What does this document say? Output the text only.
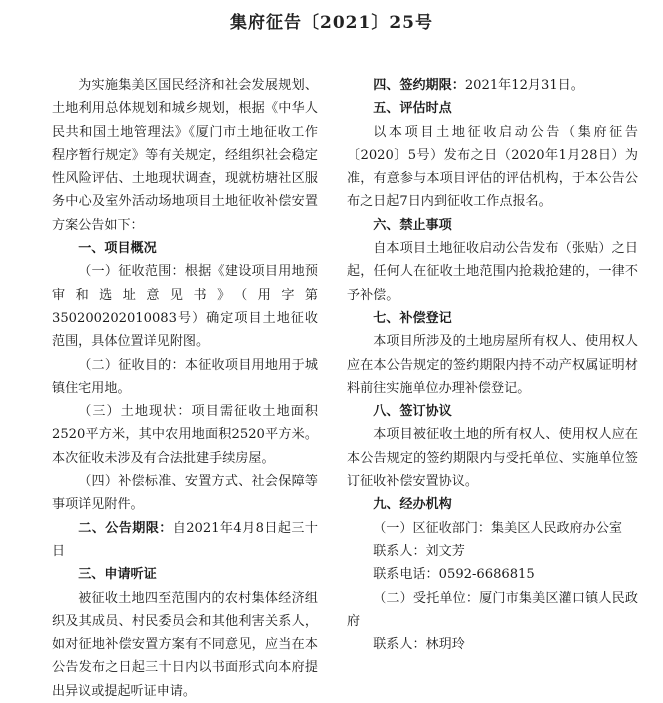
集府征告〔2021〕25号

为实施集美区国民经济和社会发展规划、土地利用总体规划和城乡规划，根据《中华人民共和国土地管理法》《厦门市土地征收工作程序暂行规定》等有关规定，经组织社会稳定性风险评估、土地现状调查，现就枋塘社区服务中心及室外活动场地项目土地征收补偿安置方案公告如下：

一、项目概况

（一）征收范围：根据《建设项目用地预审和选址意见书》（用字第350200202010083号）确定项目土地征收范围，具体位置详见附图。

（二）征收目的：本征收项目用地用于城镇住宅用地。

（三）土地现状：项目需征收土地面积2520平方米，其中农用地面积2520平方米。本次征收未涉及有合法批建手续房屋。

（四）补偿标准、安置方式、社会保障等事项详见附件。

二、公告期限：自2021年4月8日起三十日

三、申请听证

被征收土地四至范围内的农村集体经济组织及其成员、村民委员会和其他利害关系人，如对征地补偿安置方案有不同意见，应当在本公告发布之日起三十日内以书面形式向本府提出异议或提起听证申请。

四、签约期限：2021年12月31日。

五、评估时点

以本项目土地征收启动公告（集府征告〔2020〕5号）发布之日（2020年1月28日）为准，有意参与本项目评估的评估机构，于本公告公布之日起7日内到征收工作点报名。

六、禁止事项

自本项目土地征收启动公告发布（张贴）之日起，任何人在征收土地范围内抢栽抢建的，一律不予补偿。

七、补偿登记

本项目所涉及的土地房屋所有权人、使用权人应在本公告规定的签约期限内持不动产权属证明材料前往实施单位办理补偿登记。

八、签订协议

本项目被征收土地的所有权人、使用权人应在本公告规定的签约期限内与受托单位、实施单位签订征收补偿安置协议。

九、经办机构

（一）区征收部门：集美区人民政府办公室

联系人：刘文芳

联系电话：0592-6686815

（二）受托单位：厦门市集美区灌口镇人民政府

联系人：林玥玲
